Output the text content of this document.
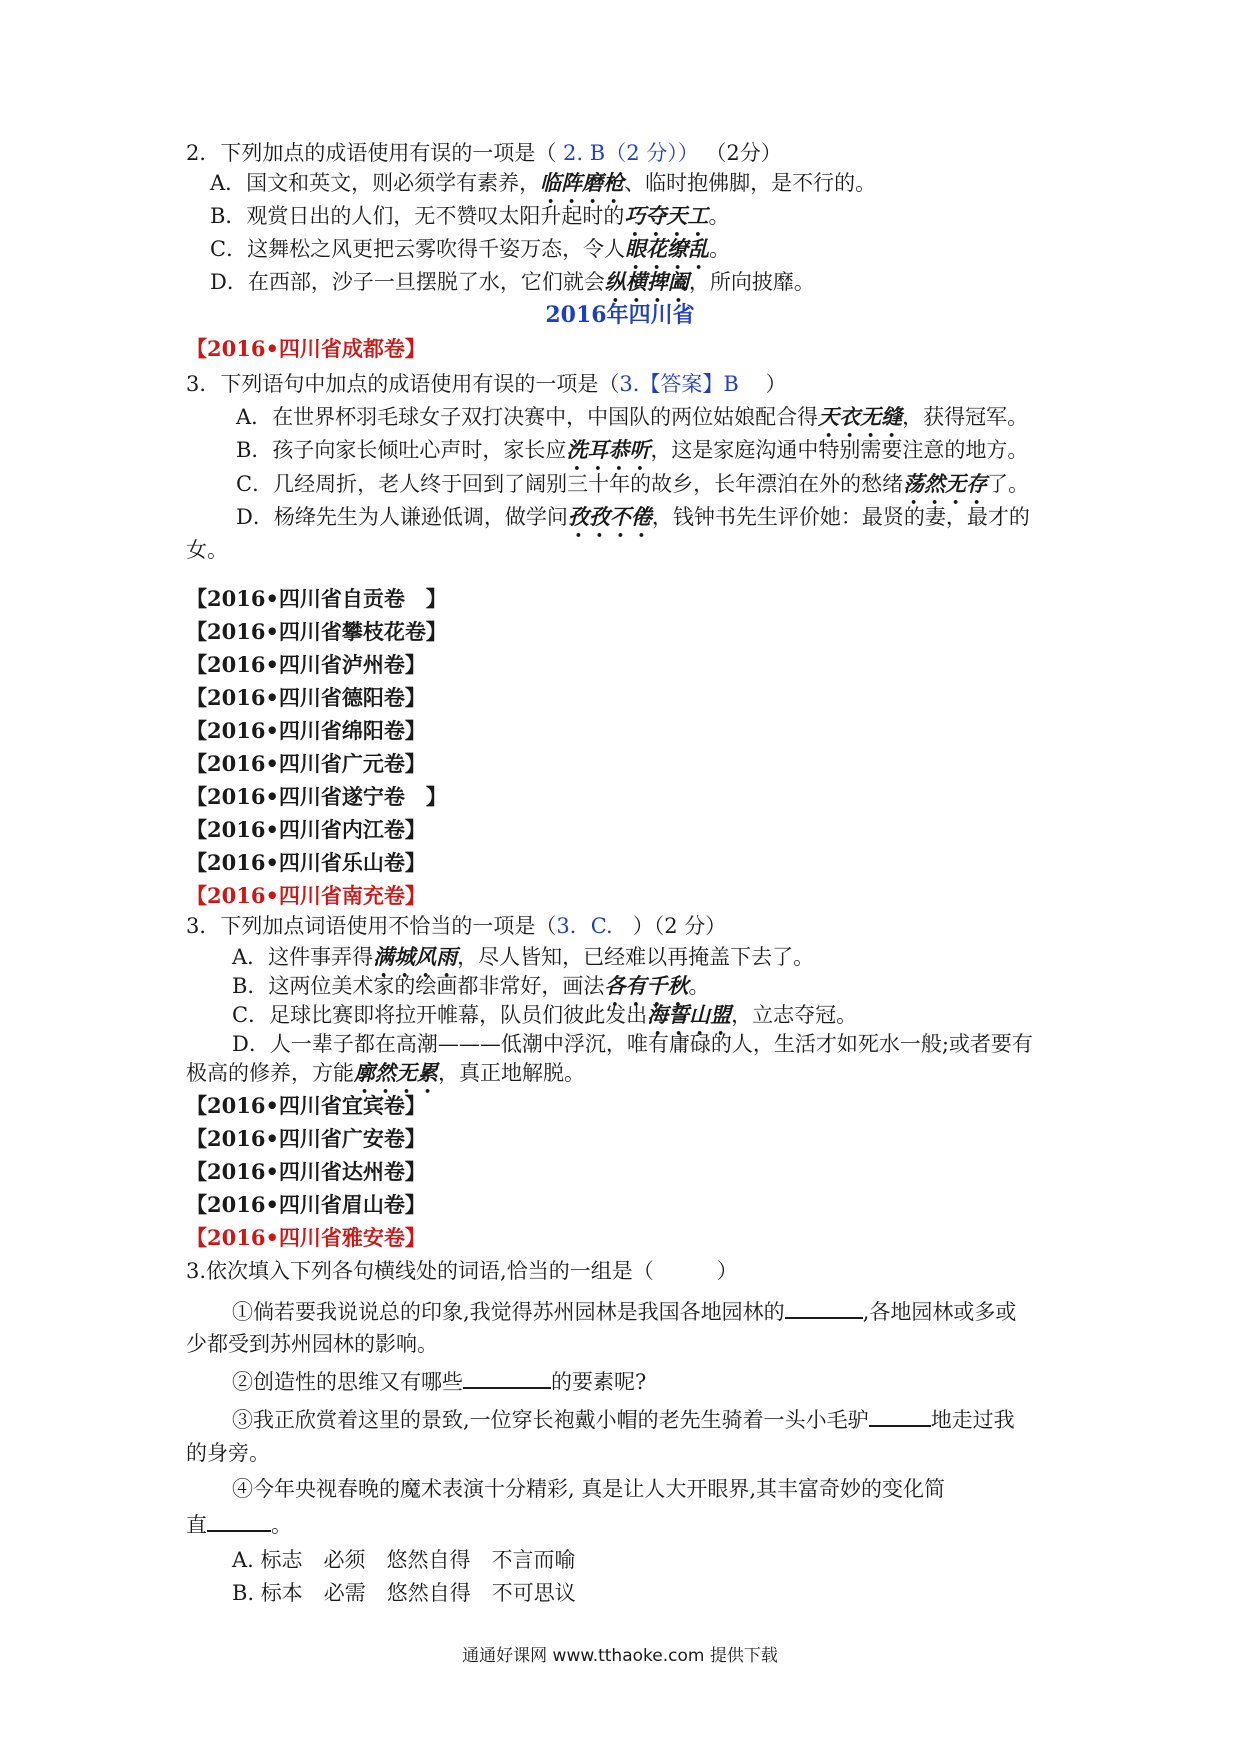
2．下列加点的成语使用有误的一项是（ 2. B（2 分）） （2分）
A．国文和英文，则必须学有素养，临阵磨枪、临时抱佛脚，是不行的。
B．观赏日出的人们，无不赞叹太阳升起时的巧夺天工。
C．这舞松之风更把云雾吹得千姿万态，令人眼花缭乱。
D．在西部，沙子一旦摆脱了水，它们就会纵横捭阖，所向披靡。
2016年四川省
【2016•四川省成都卷】
3．下列语句中加点的成语使用有误的一项是（3.【答案】B ）
A．在世界杯羽毛球女子双打决赛中，中国队的两位姑娘配合得天衣无缝，获得冠军。
B．孩子向家长倾吐心声时，家长应洗耳恭听，这是家庭沟通中特别需要注意的地方。
C．几经周折，老人终于回到了阔别三十年的故乡，长年漂泊在外的愁绪荡然无存了。
D．杨绛先生为人谦逊低调，做学问孜孜不倦，钱钟书先生评价她：最贤的妻，最才的
女。
【2016•四川省自贡卷　】
【2016•四川省攀枝花卷】
【2016•四川省泸州卷】
【2016•四川省德阳卷】
【2016•四川省绵阳卷】
【2016•四川省广元卷】
【2016•四川省遂宁卷　】
【2016•四川省内江卷】
【2016•四川省乐山卷】
【2016•四川省南充卷】
3．下列加点词语使用不恰当的一项是（3．C. ）（2 分）
A．这件事弄得满城风雨，尽人皆知，已经难以再掩盖下去了。
B．这两位美术家的绘画都非常好，画法各有千秋。
C．足球比赛即将拉开帷幕，队员们彼此发出海誓山盟，立志夺冠。
D．人一辈子都在高潮———低潮中浮沉，唯有庸碌的人，生活才如死水一般;或者要有
极高的修养，方能廓然无累，真正地解脱。
【2016•四川省宜宾卷】
【2016•四川省广安卷】
【2016•四川省达州卷】
【2016•四川省眉山卷】
【2016•四川省雅安卷】
3.依次填入下列各句横线处的词语,恰当的一组是（　　　）
①倘若要我说说总的印象,我觉得苏州园林是我国各地园林的	,各地园林或多或
少都受到苏州园林的影响。
②创造性的思维又有哪些	的要素呢?
③我正欣赏着这里的景致,一位穿长袍戴小帽的老先生骑着一头小毛驴	地走过我
的身旁。
④今年央视春晚的魔术表演十分精彩, 真是让人大开眼界,其丰富奇妙的变化简
直	。
A. 标志　必须　悠然自得　不言而喻
B. 标本　必需　悠然自得　不可思议
通通好课网 www.tthaoke.com 提供下载
